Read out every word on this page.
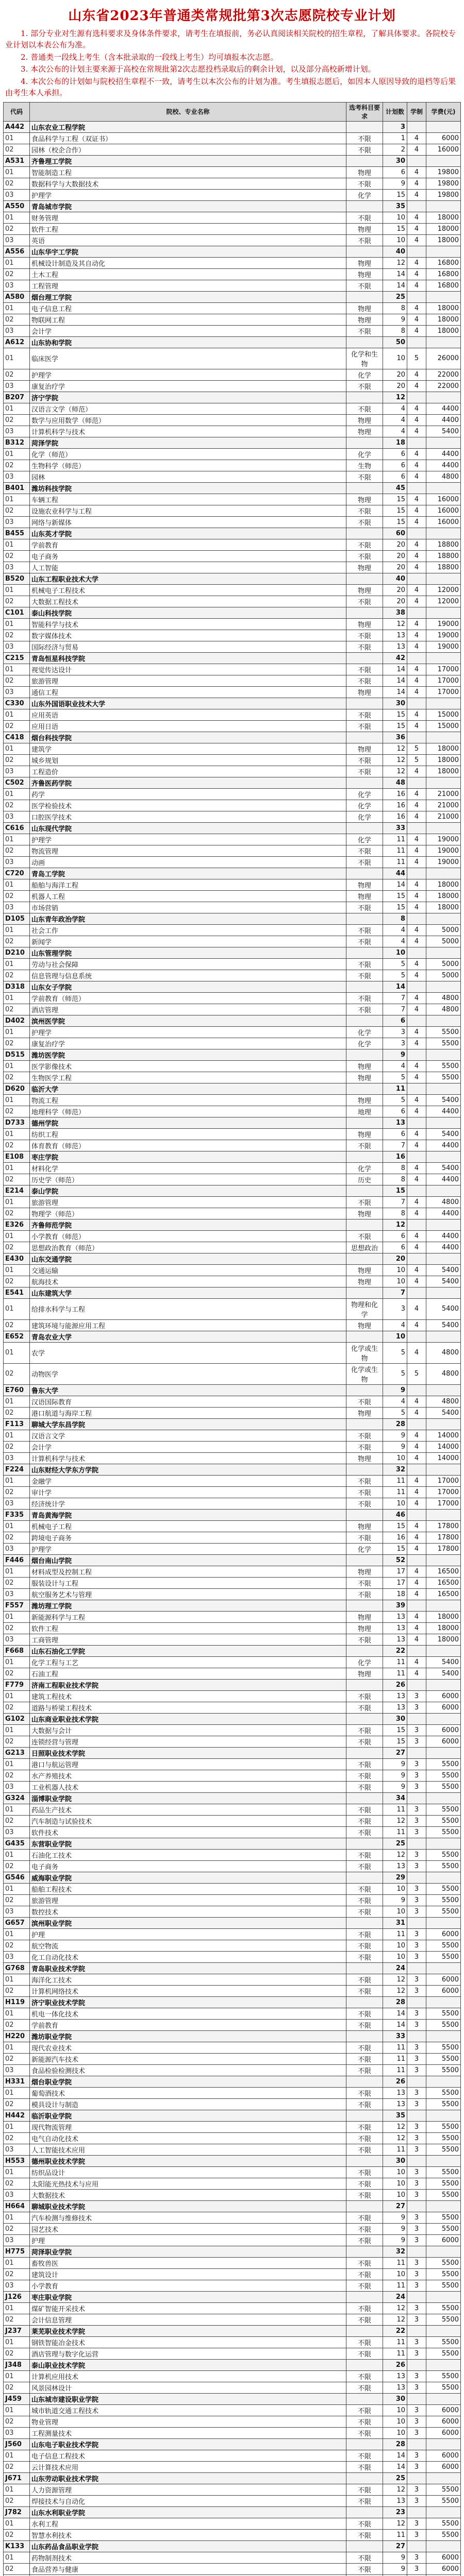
山东省2023年普通类常规批第3次志愿院校专业计划

1. 部分专业对生源有选科要求及身体条件要求，请考生在填报前，务必认真阅读相关院校的招生章程，了解具体要求。各院校专业计划以本表公布为准。

2. 普通类一段线上考生（含本批录取的一段线上考生）均可填报本次志愿。

3. 本次公布的计划主要来源于高校在常规批第2次志愿投档录取后的剩余计划，以及部分高校新增计划。

4. 本次公布的计划如与院校招生章程不一致，请考生以本次公布的计划为准。考生填报志愿后，如因本人原因导致的退档等后果由考生本人承担。

代码	院校、专业名称	选考科目要求	计划数	学制	学费(元)
A442	山东农业工程学院		3		
01	食品科学与工程（双证书）	不限	1	4	6000
02	园林（校企合作）	不限	2	4	16000
A531	齐鲁理工学院		30		
01	智能制造工程	物理	6	4	19800
02	数据科学与大数据技术	不限	9	4	19800
03	护理学	化学	15	4	19800
A550	青岛城市学院		35		
01	财务管理	不限	10	4	18000
02	软件工程	物理	15	4	18000
03	英语	不限	10	4	18000
A556	山东华宇工学院		40		
01	机械设计制造及其自动化	物理	12	4	16800
02	土木工程	物理	14	4	16800
03	工程管理	不限	14	4	16800
A580	烟台理工学院		25		
01	电子信息工程	物理	8	4	18000
02	物联网工程	物理	9	4	18000
03	会计学	不限	8	4	18000
A612	山东协和学院		50		
01	临床医学	化学和生物	10	5	26000
02	护理学	化学	20	4	22000
03	康复治疗学	不限	20	4	22000
B207	济宁学院		12		
01	汉语言文学（师范）	不限	4	4	4400
02	数学与应用数学（师范）	物理	4	4	4400
03	计算机科学与技术	物理	4	4	5400
B312	菏泽学院		18		
01	化学（师范）	化学	6	4	4400
02	生物科学（师范）	生物	6	4	4400
03	园林	不限	6	4	4800
B401	潍坊科技学院		45		
01	车辆工程	物理	15	4	16000
02	设施农业科学与工程	不限	15	4	16000
03	网络与新媒体	不限	15	4	16000
B455	山东英才学院		60		
01	学前教育	不限	20	4	18800
02	电子商务	不限	20	4	18800
03	人工智能	物理	20	4	18800
B520	山东工程职业技术大学		40		
01	机械电子工程技术	物理	20	4	12000
02	大数据工程技术	不限	20	4	12000
C101	泰山科技学院		38		
01	智能科学与技术	物理	12	4	19000
02	数字媒体技术	不限	13	4	19000
03	国际经济与贸易	不限	13	4	19000
C215	青岛恒星科技学院		42		
01	视觉传达设计	不限	14	4	17000
02	旅游管理	不限	14	4	17000
03	通信工程	物理	14	4	17000
C330	山东外国语职业技术大学		30		
01	应用英语	不限	15	4	15000
02	应用日语	不限	15	4	15000
C418	烟台科技学院		36		
01	建筑学	物理	12	5	18000
02	城乡规划	不限	12	5	18000
03	工程造价	不限	12	4	18000
C502	齐鲁医药学院		48		
01	药学	化学	16	4	21000
02	医学检验技术	化学	16	4	21000
03	口腔医学技术	化学	16	4	21000
C616	山东现代学院		33		
01	护理学	化学	11	4	19000
02	物流管理	不限	11	4	19000
03	动画	不限	11	4	19000
C720	青岛工学院		44		
01	船舶与海洋工程	物理	14	4	18000
02	机器人工程	物理	15	4	18000
03	市场营销	不限	15	4	18000
D105	山东青年政治学院		8		
01	社会工作	不限	4	4	5000
02	新闻学	不限	4	4	5000
D210	山东管理学院		10		
01	劳动与社会保障	不限	5	4	5000
02	信息管理与信息系统	不限	5	4	5000
D318	山东女子学院		14		
01	学前教育（师范）	不限	7	4	4800
02	酒店管理	不限	7	4	4800
D402	滨州医学院		6		
01	护理学	化学	3	4	5500
02	康复治疗学	化学	3	4	5500
D515	潍坊医学院		9		
01	医学影像技术	物理	4	4	5500
02	生物医学工程	物理	5	4	5500
D620	临沂大学		11		
01	物流工程	物理	5	4	5400
02	地理科学（师范）	地理	6	4	4400
D733	德州学院		13		
01	纺织工程	物理	6	4	5400
02	体育教育（师范）	不限	7	4	4400
E108	枣庄学院		16		
01	材料化学	化学	8	4	5400
02	历史学（师范）	历史	8	4	4400
E214	泰山学院		15		
01	旅游管理	不限	7	4	4800
02	物理学（师范）	物理	8	4	4400
E326	齐鲁师范学院		12		
01	小学教育（师范）	不限	6	4	4400
02	思想政治教育（师范）	思想政治	6	4	4400
E430	山东交通学院		20		
01	交通运输	物理	10	4	5400
02	航海技术	物理	10	4	5400
E541	山东建筑大学		7		
01	给排水科学与工程	物理和化学	3	4	5400
02	建筑环境与能源应用工程	物理	4	4	5400
E652	青岛农业大学		10		
01	农学	化学或生物	5	4	4800
02	动物医学	化学或生物	5	5	4800
E760	鲁东大学		9		
01	汉语国际教育	不限	4	4	4800
02	港口航道与海岸工程	物理	5	4	5400
F113	聊城大学东昌学院		28		
01	汉语言文学	不限	9	4	14000
02	会计学	不限	9	4	14000
03	计算机科学与技术	物理	10	4	14000
F224	山东财经大学东方学院		32		
01	金融学	不限	11	4	17000
02	审计学	不限	11	4	17000
03	经济统计学	不限	10	4	17000
F335	青岛黄海学院		46		
01	机械电子工程	物理	15	4	17800
02	跨境电子商务	不限	16	4	17800
03	护理学	化学	15	4	17800
F446	烟台南山学院		52		
01	材料成型及控制工程	物理	17	4	16500
02	服装设计与工程	不限	17	4	16500
03	航空服务艺术与管理	不限	18	4	16500
F557	潍坊理工学院		39		
01	新能源科学与工程	物理	13	4	18000
02	软件工程	物理	13	4	18000
03	工商管理	不限	13	4	18000
F668	山东石油化工学院		22		
01	化学工程与工艺	化学	11	4	5400
02	石油工程	物理	11	4	5400
F779	济南工程职业技术学院		26		
01	建筑工程技术	不限	13	3	6000
02	道路与桥梁工程技术	不限	13	3	6000
G102	山东商业职业技术学院		30		
01	大数据与会计	不限	15	3	6000
02	连锁经营与管理	不限	15	3	6000
G213	日照职业技术学院		27		
01	港口与航运管理	不限	9	3	5500
02	水产养殖技术	不限	9	3	5500
03	工业机器人技术	不限	9	3	5500
G324	淄博职业学院		34		
01	药品生产技术	不限	11	3	5500
02	汽车制造与试验技术	不限	12	3	5500
03	软件技术	不限	11	3	5500
G435	东营职业学院		25		
01	石油化工技术	不限	12	3	5500
02	电子商务	不限	13	3	5500
G546	威海职业学院		29		
01	船舶工程技术	不限	10	3	5500
02	旅游管理	不限	9	3	5500
03	数控技术	不限	10	3	5500
G657	滨州职业学院		31		
01	护理	不限	11	3	6000
02	航空物流	不限	10	3	5500
03	化工自动化技术	不限	10	3	5500
G768	青岛职业技术学院		24		
01	海洋化工技术	不限	12	3	6000
02	计算机网络技术	不限	12	3	6000
H119	济宁职业技术学院		28		
01	机电一体化技术	不限	14	3	5500
02	学前教育	不限	14	3	5500
H220	潍坊职业学院		33		
01	现代农业技术	不限	11	3	5500
02	新能源汽车技术	不限	11	3	5500
03	食品检验检测技术	不限	11	3	5500
H331	烟台职业学院		26		
01	葡萄酒技术	不限	13	3	5500
02	模具设计与制造	不限	13	3	5500
H442	临沂职业学院		35		
01	现代物流管理	不限	12	3	5500
02	电气自动化技术	不限	12	3	5500
03	人工智能技术应用	不限	11	3	5500
H553	德州职业技术学院		30		
01	纺织品设计	不限	10	3	5500
02	太阳能光热技术与应用	不限	10	3	5500
03	大数据技术	不限	10	3	5500
H664	聊城职业技术学院		27		
01	汽车检测与维修技术	不限	9	3	5500
02	园艺技术	不限	9	3	5500
03	护理	不限	9	3	6000
H775	菏泽职业学院		32		
01	畜牧兽医	不限	11	3	5500
02	建筑设计	不限	10	3	5500
03	小学教育	不限	11	3	5500
J126	枣庄职业学院		24		
01	煤矿智能开采技术	不限	12	3	5500
02	会计信息管理	不限	12	3	5500
J237	莱芜职业技术学院		22		
01	钢铁智能冶金技术	不限	11	3	5500
02	酒店管理与数字化运营	不限	11	3	5500
J348	泰山职业技术学院		26		
01	计算机应用技术	不限	13	3	5500
02	风景园林设计	不限	13	3	5500
J459	山东城市建设职业学院		30		
01	城市轨道交通工程技术	不限	10	3	6000
02	物业管理	不限	10	3	6000
03	工程测量技术	不限	10	3	6000
J560	山东电子职业技术学院		28		
01	电子信息工程技术	不限	14	3	6000
02	云计算技术应用	不限	14	3	6000
J671	山东劳动职业技术学院		25		
01	人力资源管理	不限	12	3	5500
02	焊接技术与自动化	不限	13	3	5500
J782	山东水利职业学院		23		
01	水利工程	不限	12	3	5500
02	智慧水利技术	不限	11	3	5500
K133	山东药品食品职业学院		27		
01	药物制剂技术	不限	9	3	6000
02	食品营养与健康	不限	9	3	6000
